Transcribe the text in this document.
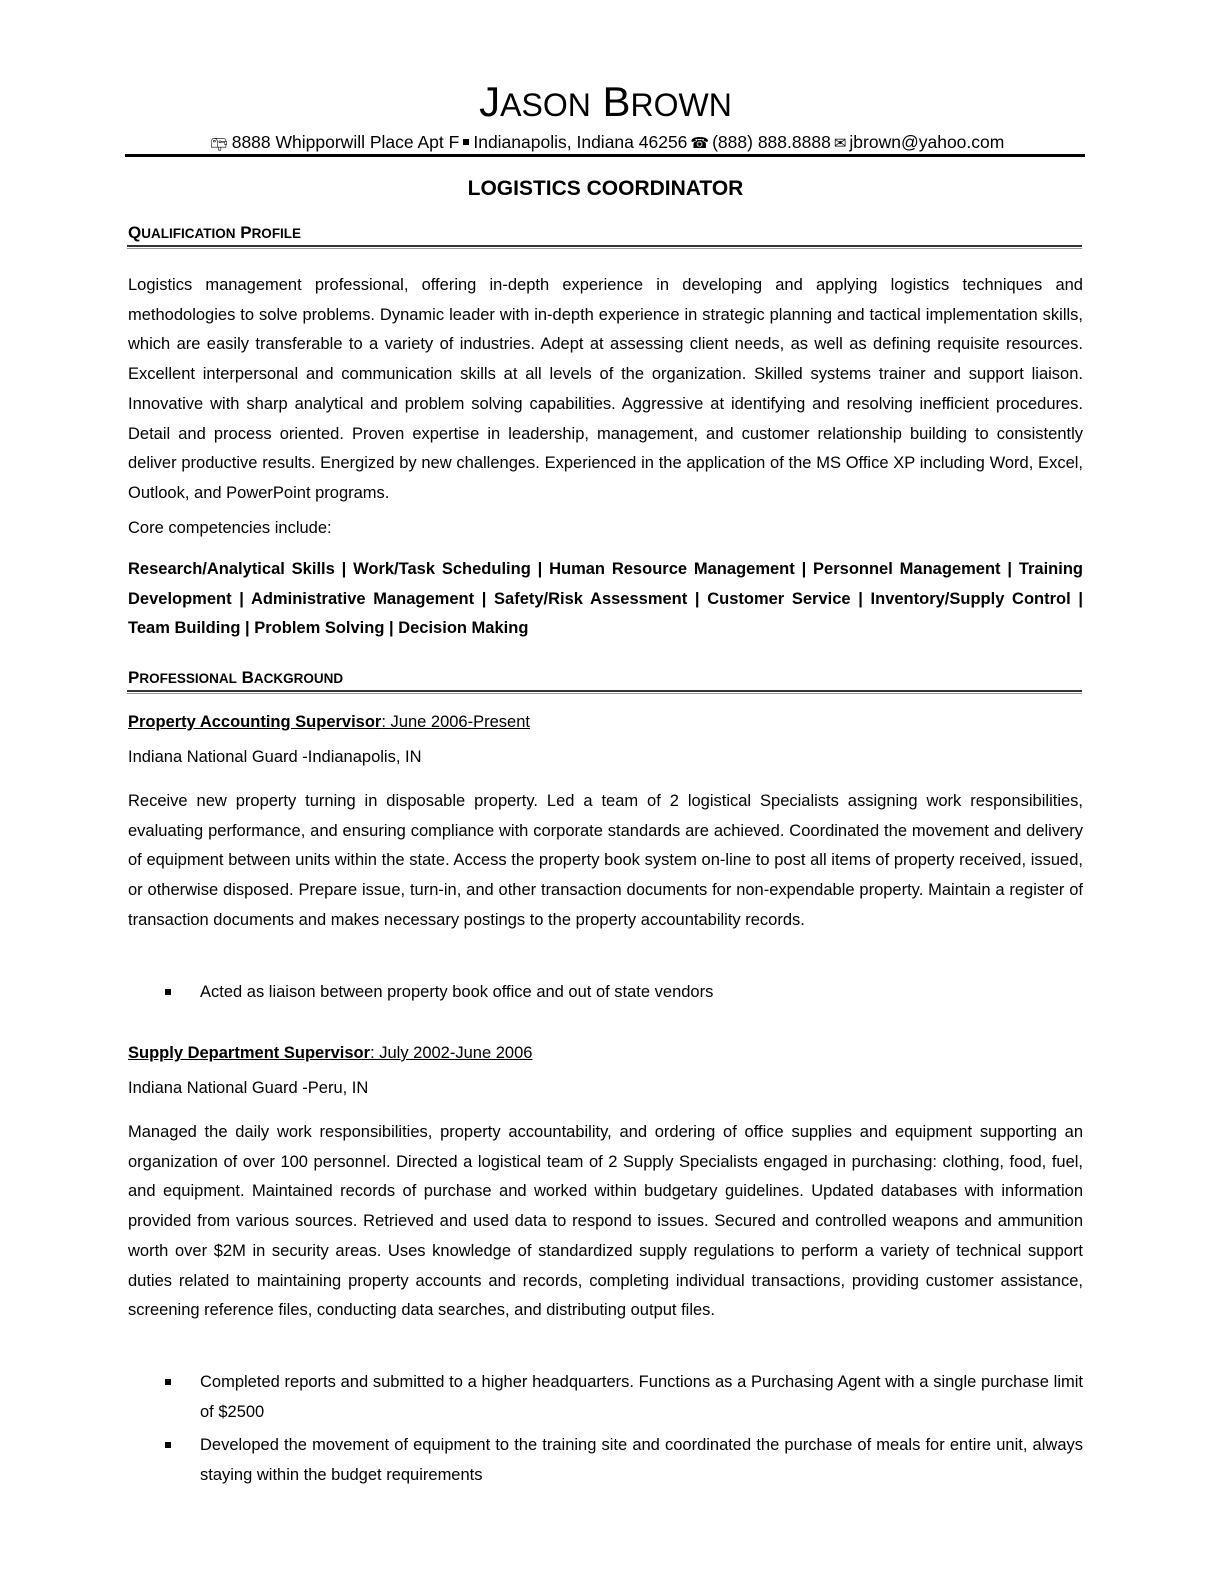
JASON BROWN
📪︎ 8888 Whipporwill Place Apt F Indianapolis, Indiana 46256 ☎ (888) 888.8888 ✉ jbrown@yahoo.com
LOGISTICS COORDINATOR
QUALIFICATION PROFILE

Logistics management professional, offering in-depth experience in developing and applying logistics techniques and methodologies to solve problems. Dynamic leader with in-depth experience in strategic planning and tactical implementation skills, which are easily transferable to a variety of industries. Adept at assessing client needs, as well as defining requisite resources. Excellent interpersonal and communication skills at all levels of the organization. Skilled systems trainer and support liaison. Innovative with sharp analytical and problem solving capabilities. Aggressive at identifying and resolving inefficient procedures. Detail and process oriented. Proven expertise in leadership, management, and customer relationship building to consistently deliver productive results. Energized by new challenges. Experienced in the application of the MS Office XP including Word, Excel, Outlook, and PowerPoint programs.

Core competencies include:

Research/Analytical Skills | Work/Task Scheduling | Human Resource Management | Personnel Management | Training Development | Administrative Management | Safety/Risk Assessment | Customer Service | Inventory/Supply Control | Team Building | Problem Solving | Decision Making
PROFESSIONAL BACKGROUND
Property Accounting Supervisor: June 2006-Present
Indiana National Guard -Indianapolis, IN

Receive new property turning in disposable property. Led a team of 2 logistical Specialists assigning work responsibilities, evaluating performance, and ensuring compliance with corporate standards are achieved. Coordinated the movement and delivery of equipment between units within the state. Access the property book system on-line to post all items of property received, issued, or otherwise disposed. Prepare issue, turn-in, and other transaction documents for non-expendable property. Maintain a register of transaction documents and makes necessary postings to the property accountability records.

Acted as liaison between property book office and out of state vendors
Supply Department Supervisor: July 2002-June 2006
Indiana National Guard -Peru, IN

Managed the daily work responsibilities, property accountability, and ordering of office supplies and equipment supporting an organization of over 100 personnel. Directed a logistical team of 2 Supply Specialists engaged in purchasing: clothing, food, fuel, and equipment. Maintained records of purchase and worked within budgetary guidelines. Updated databases with information provided from various sources. Retrieved and used data to respond to issues. Secured and controlled weapons and ammunition worth over $2M in security areas. Uses knowledge of standardized supply regulations to perform a variety of technical support duties related to maintaining property accounts and records, completing individual transactions, providing customer assistance, screening reference files, conducting data searches, and distributing output files.

Completed reports and submitted to a higher headquarters. Functions as a Purchasing Agent with a single purchase limit of $2500
Developed the movement of equipment to the training site and coordinated the purchase of meals for entire unit, always staying within the budget requirements
